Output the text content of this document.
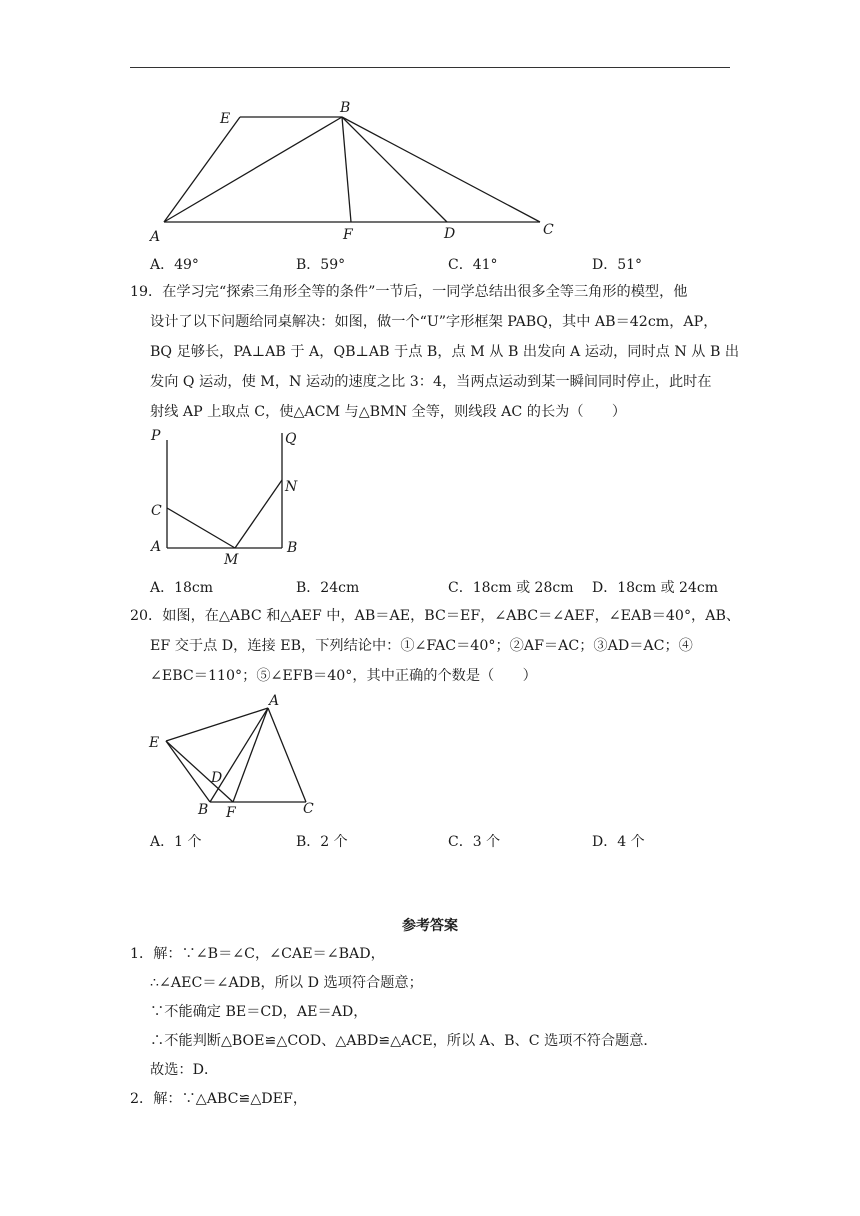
E
B
A	F	D	C
A．49°	B．59°	C．41°	D．51°
19．在学习完“探索三角形全等的条件”一节后，一同学总结出很多全等三角形的模型，他
设计了以下问题给同桌解决：如图，做一个“U”字形框架 PABQ，其中 AB＝42cm，AP，
BQ 足够长，PA⊥AB 于 A，QB⊥AB 于点 B，点 M 从 B 出发向 A 运动，同时点 N 从 B 出
发向 Q 运动，使 M，N 运动的速度之比 3：4，当两点运动到某一瞬间同时停止，此时在
射线 AP 上取点 C，使△ACM 与△BMN 全等，则线段 AC 的长为（　　）
P	Q
N
C
A
M
B
A．18cm	B．24cm	C．18cm 或 28cm D．18cm 或 24cm
20．如图，在△ABC 和△AEF 中，AB＝AE，BC＝EF，∠ABC＝∠AEF，∠EAB＝40°，AB、
EF 交于点 D，连接 EB，下列结论中：①∠FAC＝40°；②AF＝AC；③AD＝AC；④
∠EBC＝110°；⑤∠EFB＝40°，其中正确的个数是（　　）
A
E
D
B F	C
A．1 个	B．2 个	C．3 个	D．4 个
参考答案
1．解：∵∠B＝∠C，∠CAE＝∠BAD，
∴∠AEC＝∠ADB，所以 D 选项符合题意；
∵不能确定 BE＝CD，AE＝AD，
∴不能判断△BOE≌△COD、△ABD≌△ACE，所以 A、B、C 选项不符合题意．
故选：D．
2．解：∵△ABC≌△DEF，
